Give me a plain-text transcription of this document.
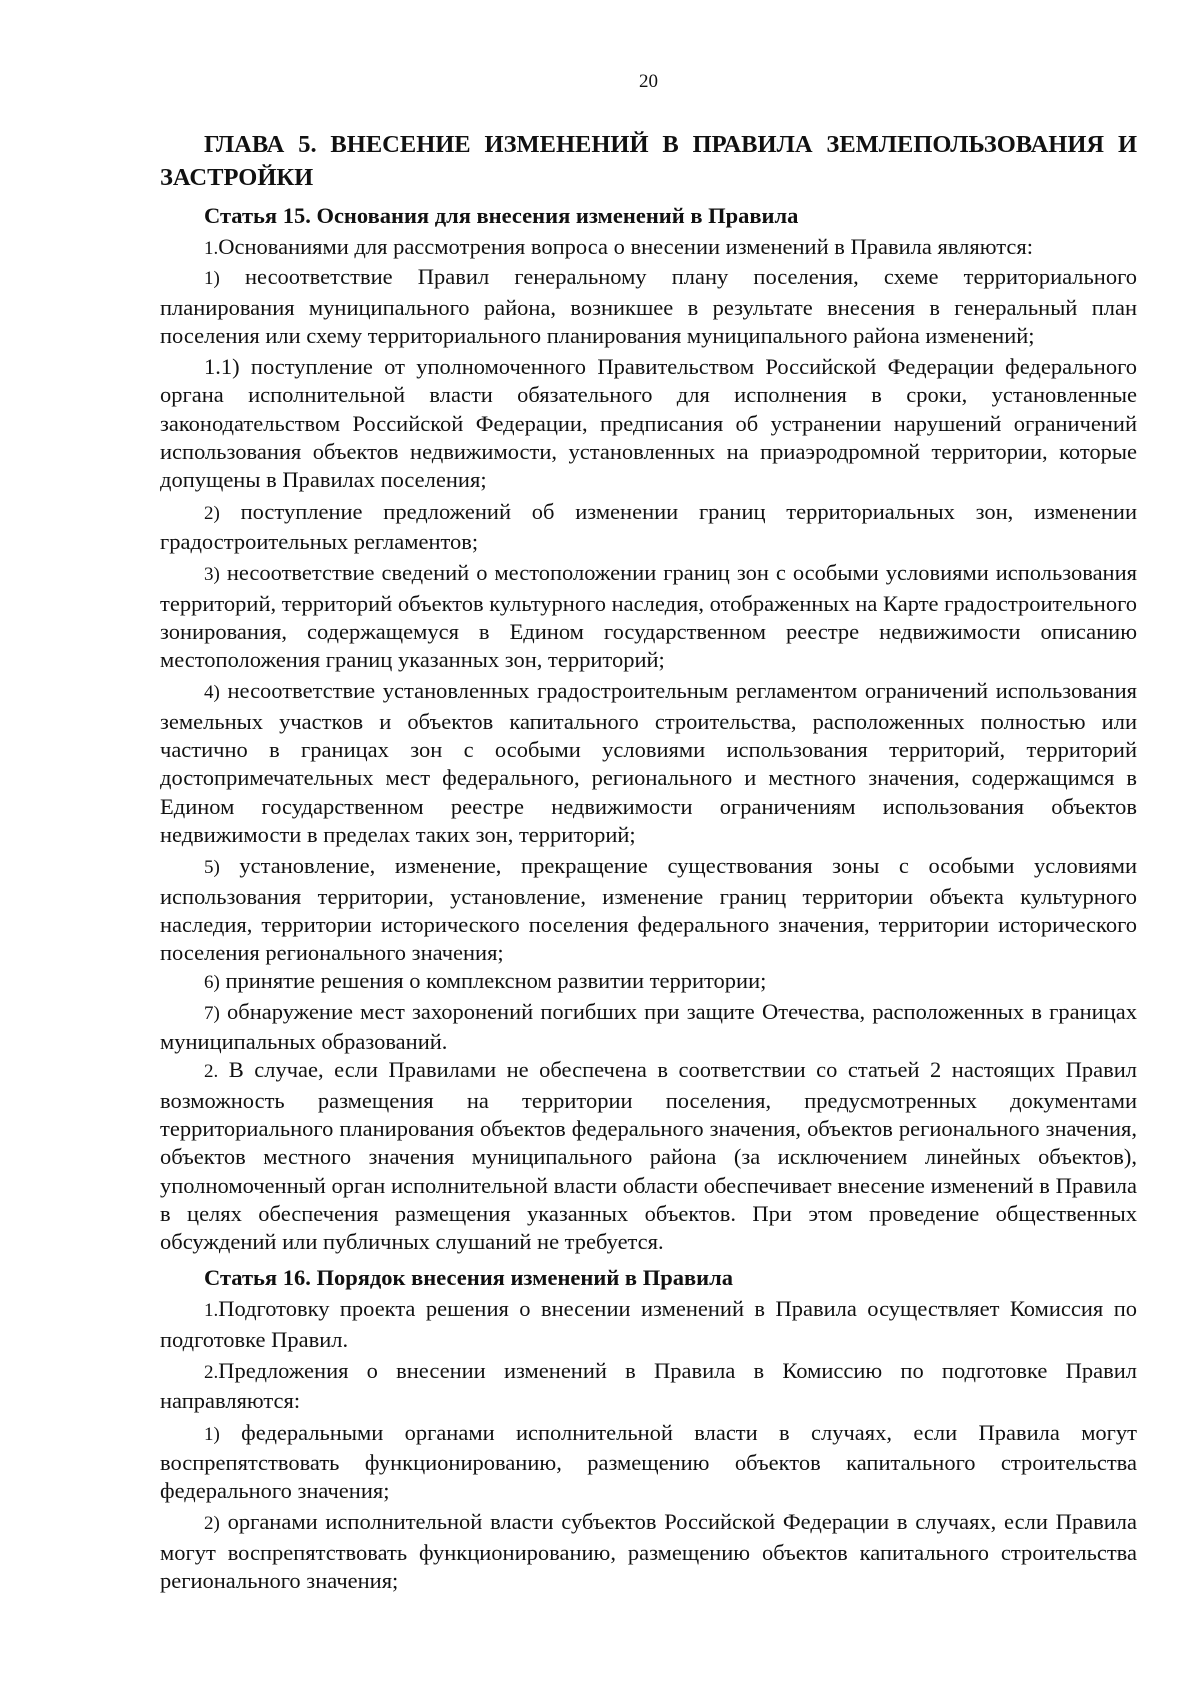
20
ГЛАВА 5. ВНЕСЕНИЕ ИЗМЕНЕНИЙ В ПРАВИЛА ЗЕМЛЕПОЛЬЗОВАНИЯ И ЗАСТРОЙКИ
Статья 15. Основания для внесения изменений в Правила

1.Основаниями для рассмотрения вопроса о внесении изменений в Правила являются:

1) несоответствие Правил генеральному плану поселения, схеме территориального планирования муниципального района, возникшее в результате внесения в генеральный план поселения или схему территориального планирования муниципального района изменений;

1.1) поступление от уполномоченного Правительством Российской Федерации федерального органа исполнительной власти обязательного для исполнения в сроки, установленные законодательством Российской Федерации, предписания об устранении нарушений ограничений использования объектов недвижимости, установленных на приаэродромной территории, которые допущены в Правилах поселения;

2) поступление предложений об изменении границ территориальных зон, изменении градостроительных регламентов;

3) несоответствие сведений о местоположении границ зон с особыми условиями использования территорий, территорий объектов культурного наследия, отображенных на Карте градостроительного зонирования, содержащемуся в Едином государственном реестре недвижимости описанию местоположения границ указанных зон, территорий;

4) несоответствие установленных градостроительным регламентом ограничений использования земельных участков и объектов капитального строительства, расположенных полностью или частично в границах зон с особыми условиями использования территорий, территорий достопримечательных мест федерального, регионального и местного значения, содержащимся в Едином государственном реестре недвижимости ограничениям использования объектов недвижимости в пределах таких зон, территорий;

5) установление, изменение, прекращение существования зоны с особыми условиями использования территории, установление, изменение границ территории объекта культурного наследия, территории исторического поселения федерального значения, территории исторического поселения регионального значения;

6) принятие решения о комплексном развитии территории;

7) обнаружение мест захоронений погибших при защите Отечества, расположенных в границах муниципальных образований.

2. В случае, если Правилами не обеспечена в соответствии со статьей 2 настоящих Правил возможность размещения на территории поселения, предусмотренных документами территориального планирования объектов федерального значения, объектов регионального значения, объектов местного значения муниципального района (за исключением линейных объектов), уполномоченный орган исполнительной власти области обеспечивает внесение изменений в Правила в целях обеспечения размещения указанных объектов. При этом проведение общественных обсуждений или публичных слушаний не требуется.

Статья 16. Порядок внесения изменений в Правила

1.Подготовку проекта решения о внесении изменений в Правила осуществляет Комиссия по подготовке Правил.

2.Предложения о внесении изменений в Правила в Комиссию по подготовке Правил направляются:

1) федеральными органами исполнительной власти в случаях, если Правила могут воспрепятствовать функционированию, размещению объектов капитального строительства федерального значения;

2) органами исполнительной власти субъектов Российской Федерации в случаях, если Правила могут воспрепятствовать функционированию, размещению объектов капитального строительства регионального значения;
